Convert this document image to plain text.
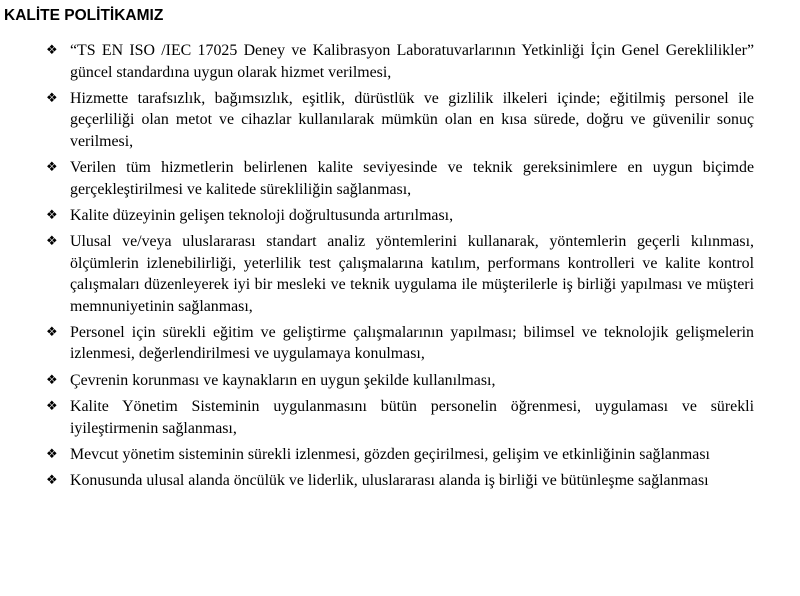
KALİTE POLİTİKAMIZ
❖ “TS EN ISO /IEC 17025 Deney ve Kalibrasyon Laboratuvarlarının Yetkinliği İçin Genel Gereklilikler” güncel standardına uygun olarak hizmet verilmesi,
❖ Hizmette tarafsızlık, bağımsızlık, eşitlik, dürüstlük ve gizlilik ilkeleri içinde; eğitilmiş personel ile geçerliliği olan metot ve cihazlar kullanılarak mümkün olan en kısa sürede, doğru ve güvenilir sonuç verilmesi,
❖ Verilen tüm hizmetlerin belirlenen kalite seviyesinde ve teknik gereksinimlere en uygun biçimde gerçekleştirilmesi ve kalitede sürekliliğin sağlanması,
❖ Kalite düzeyinin gelişen teknoloji doğrultusunda artırılması,
❖ Ulusal ve/veya uluslararası standart analiz yöntemlerini kullanarak, yöntemlerin geçerli kılınması, ölçümlerin izlenebilirliği, yeterlilik test çalışmalarına katılım, performans kontrolleri ve kalite kontrol çalışmaları düzenleyerek iyi bir mesleki ve teknik uygulama ile müşterilerle iş birliği yapılması ve müşteri memnuniyetinin sağlanması,
❖ Personel için sürekli eğitim ve geliştirme çalışmalarının yapılması; bilimsel ve teknolojik gelişmelerin izlenmesi, değerlendirilmesi ve uygulamaya konulması,
❖ Çevrenin korunması ve kaynakların en uygun şekilde kullanılması,
❖ Kalite Yönetim Sisteminin uygulanmasını bütün personelin öğrenmesi, uygulaması ve sürekli iyileştirmenin sağlanması,
❖ Mevcut yönetim sisteminin sürekli izlenmesi, gözden geçirilmesi, gelişim ve etkinliğinin sağlanması
❖ Konusunda ulusal alanda öncülük ve liderlik, uluslararası alanda iş birliği ve bütünleşme sağlanması
